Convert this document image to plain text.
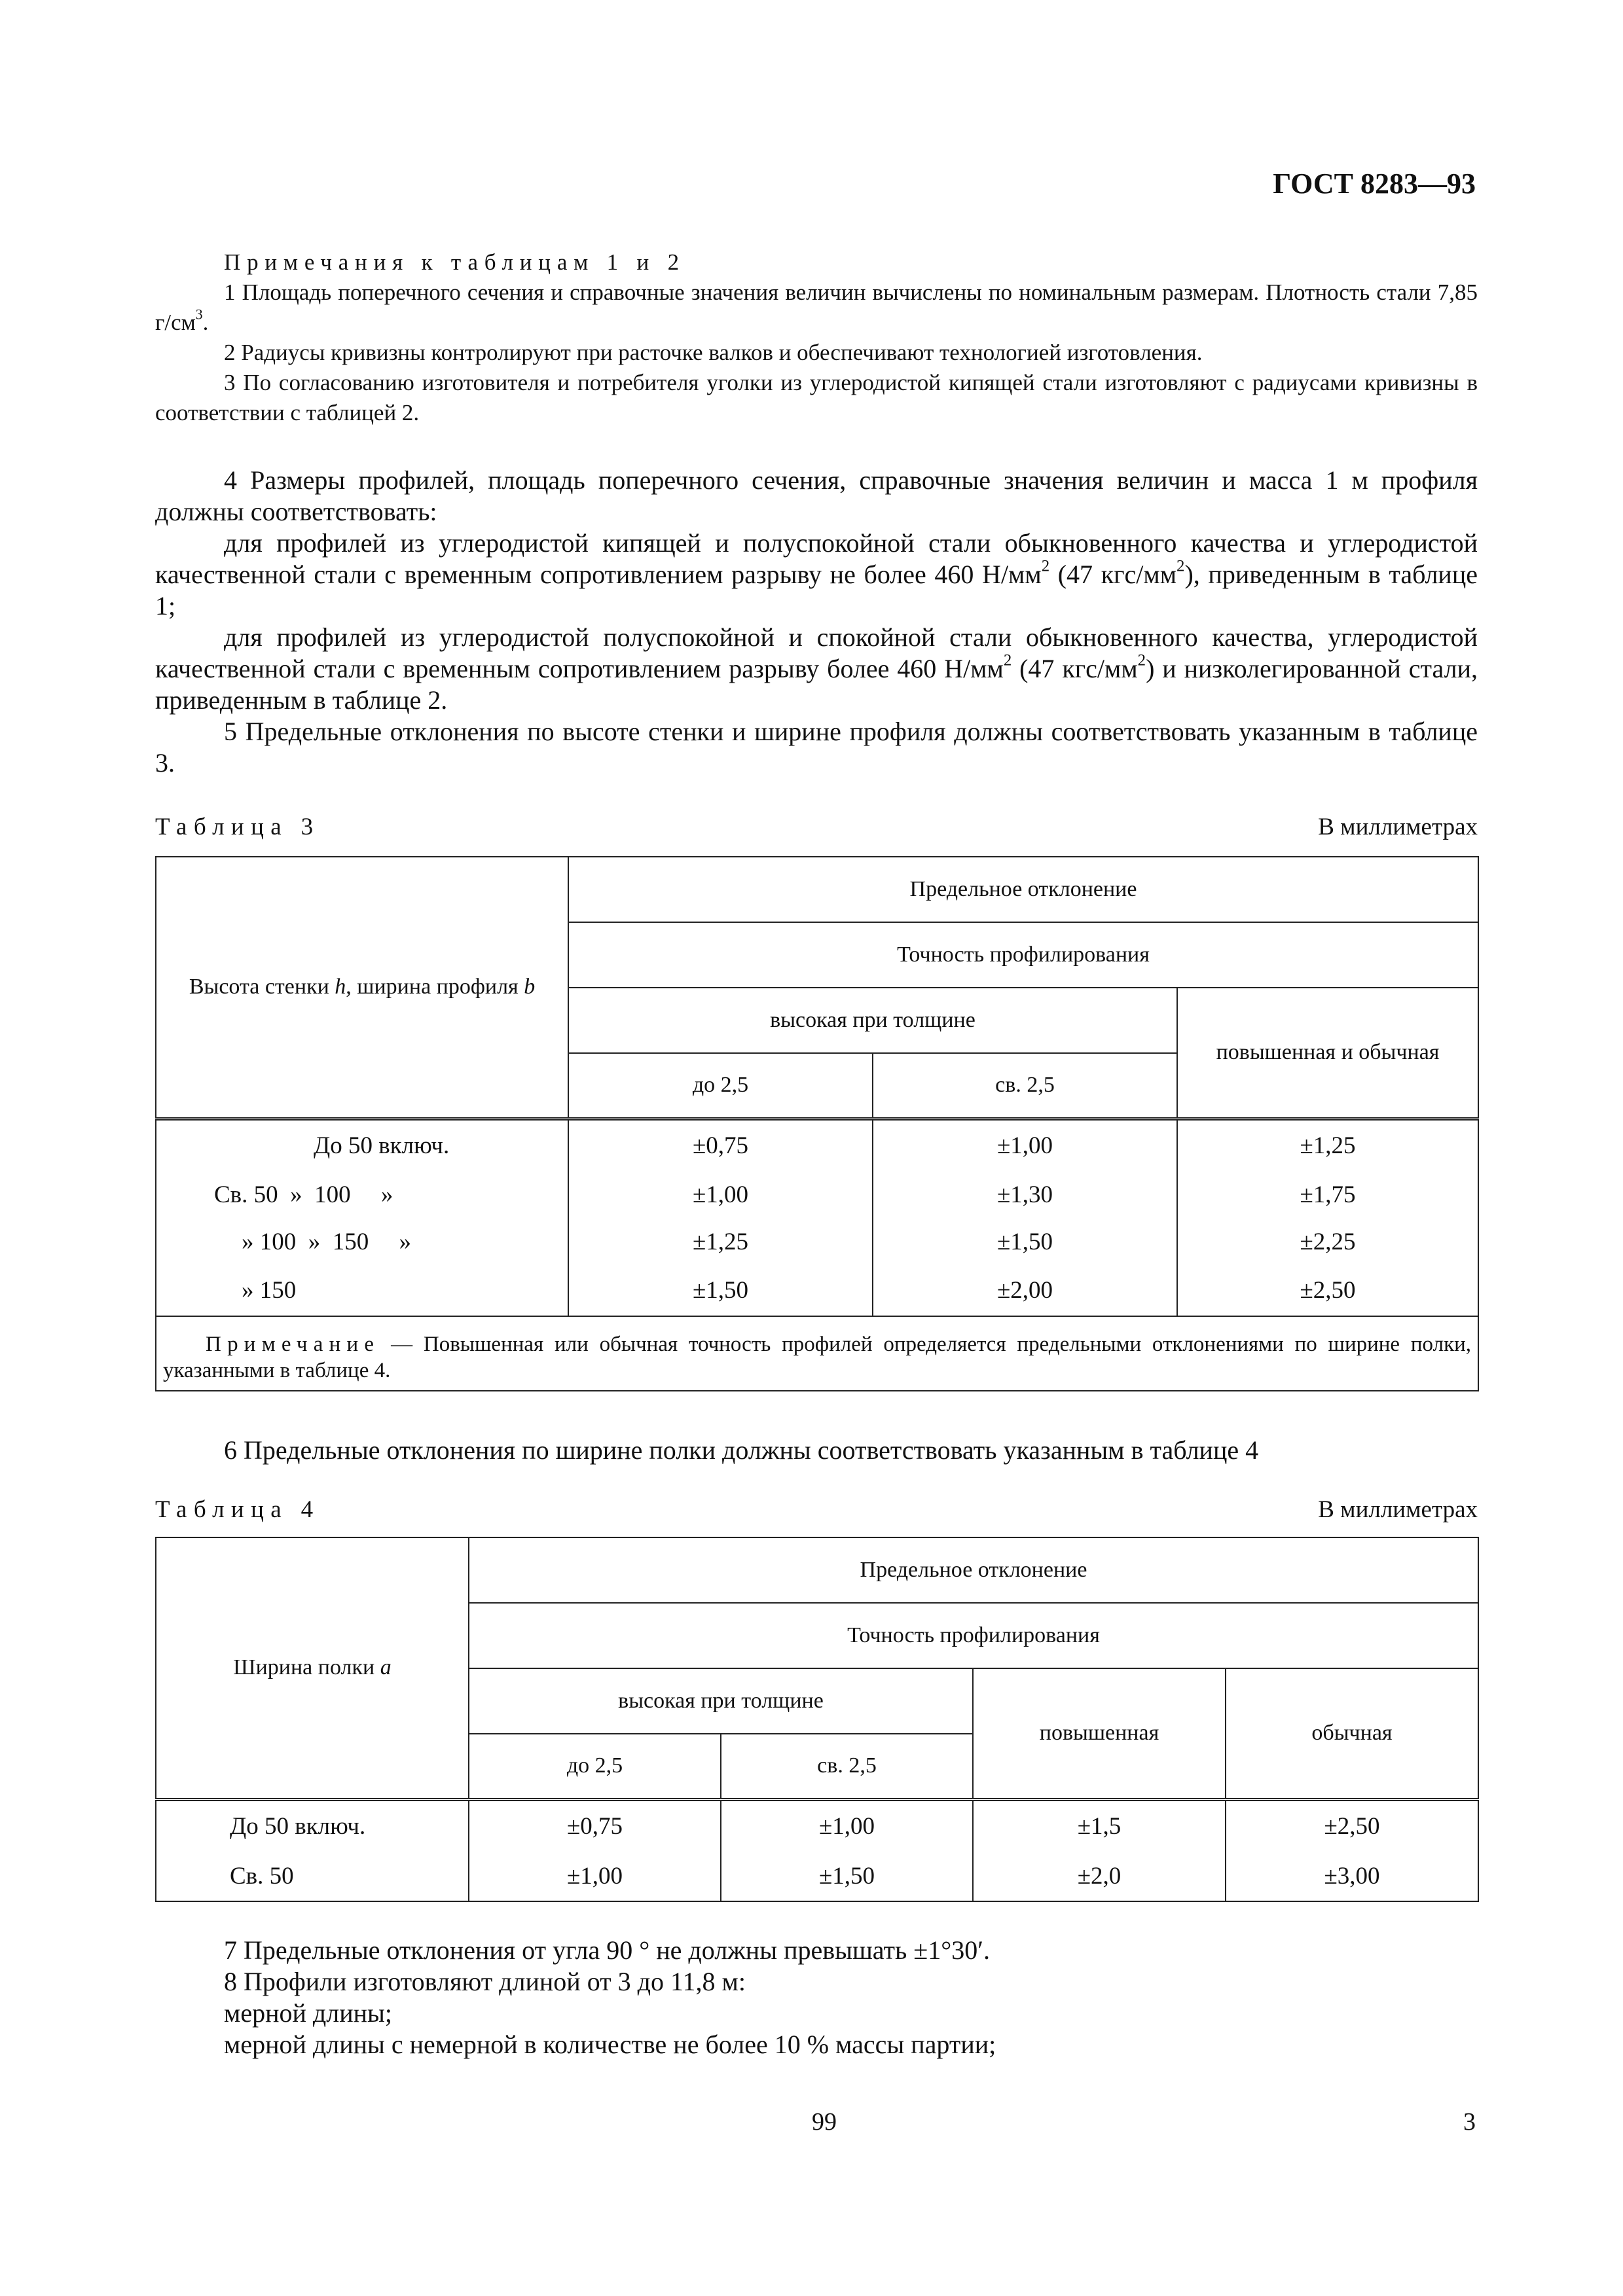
ГОСТ 8283—93

Примечания к таблицам 1 и 2

1 Площадь поперечного сечения и справочные значения величин вычислены по номинальным размерам. Плотность стали 7,85 $г/см^3$.

2 Радиусы кривизны контролируют при расточке валков и обеспечивают технологией изготовления.

3 По согласованию изготовителя и потребителя уголки из углеродистой кипящей стали изготовляют с радиусами кривизны в соответствии с таблицей 2.

4 Размеры профилей, площадь поперечного сечения, справочные значения величин и масса 1 м профиля должны соответствовать:

для профилей из углеродистой кипящей и полуспокойной стали обыкновенного качества и углеродистой качественной стали с временным сопротивлением разрыву не более 460 $Н/мм^2$ (47 кгс/$мм^2$), приведенным в таблице 1;

для профилей из углеродистой полуспокойной и спокойной стали обыкновенного качества, углеродистой качественной стали с временным сопротивлением разрыву более 460 $Н/мм^2$ (47 кгс/$мм^2$) и низколегированной стали, приведенным в таблице 2.

5 Предельные отклонения по высоте стенки и ширине профиля должны соответствовать указанным в таблице 3.

Таблица 3	В миллиметрах
Высота стенки h, ширина профиля b	Предельное отклонение		
	Точность профилирования		
	высокая при толщине		повышенная и обычная
	до 2,5	св. 2,5	
До 50 включ.	±0,75	±1,00	±1,25
Св. 50  »  100     »	±1,00	±1,30	±1,75
» 100  »  150     »	±1,25	±1,50	±2,25
» 150	±1,50	±2,00	±2,50

Примечание — Повышенная или обычная точность профилей определяется предельными отклонениями по ширине полки, указанными в таблице 4.			

6 Предельные отклонения по ширине полки должны соответствовать указанным в таблице 4

Таблица 4	В миллиметрах
Ширина полки a	Предельное отклонение			
	Точность профилирования			
	высокая при толщине		повышенная	обычная
	до 2,5	св. 2,5		
До 50 включ.	±0,75	±1,00	±1,5	±2,50
Св. 50	±1,00	±1,50	±2,0	±3,00

7 Предельные отклонения от угла 90 ° не должны превышать ±1°30′.

8 Профили изготовляют длиной от 3 до 11,8 м:

мерной длины;

мерной длины с немерной в количестве не более 10 % массы партии;

99	3
